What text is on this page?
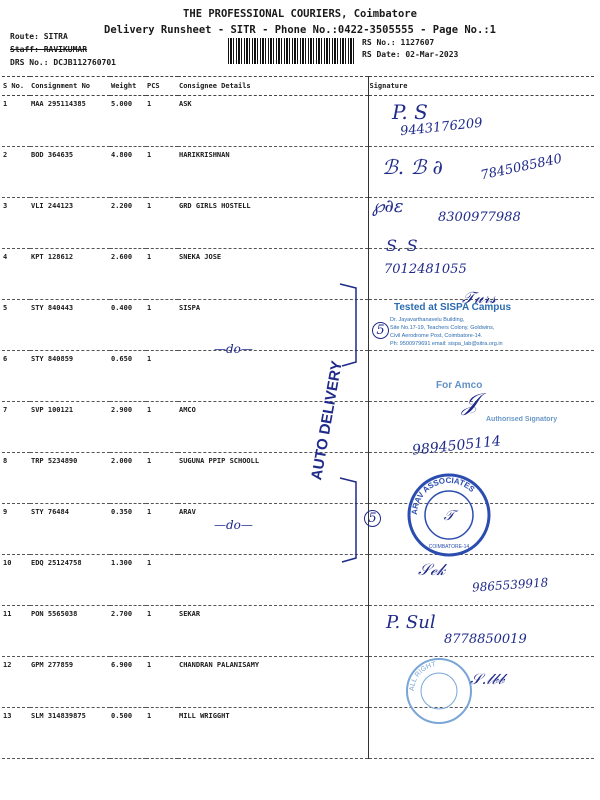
THE PROFESSIONAL COURIERS, Coimbatore
Delivery Runsheet - SITR - Phone No.:0422-3505555 - Page No.:1
Route: SITRA
Staff: RAVIKUMAR
DRS No.: DCJB112760701
RS No.: 1127607
RS Date: 02-Mar-2023
S No.	Consignment No	Weight	PCS	Consignee Details	Signature
1	MAA 295114385	5.000	1	ASK	
2	BOD 364635	4.800	1	HARIKRISHNAN	
3	VLI 244123	2.200	1	GRD GIRLS HOSTELL	
4	KPT 128612	2.600	1	SNEKA JOSE	
5	STY 840443	0.400	1	SISPA	
6	STY 840859	0.650	1		
7	SVP 100121	2.900	1	AMCO	
8	TRP 5234890	2.000	1	SUGUNA PPIP SCHOOLL	
9	STY 76484	0.350	1	ARAV	
10	EDQ 25124758	1.300	1		
11	PON 5565038	2.700	1	SEKAR	
12	GPM 277859	6.900	1	CHANDRAN PALANISAMY	
13	SLM 314839875	0.500	1	MILL WRIGGHT	
P. S
9443176209
ℬ. ℬ ∂	7845085840
℘∂ε
8300977988
S. S
7012481055
𝒯𝓊𝓇𝓈
—do—
—do—
5
5
AUTO DELIVERY
Tested at SISPA Campus
Dr. Jayavarthanavelu Building,
Site No.17-19, Teachers Colony, Goldwins,
Civil Aerodrome Post, Coimbatore-14.
Ph: 9500979691 email: sispa_lab@sitra.org.in
For Amco
Authorised Signatory
𝒥
9894505114
ARAV ASSOCIATES
COIMBATORE-14
𝒯
𝒮ℯ𝓀
9865539918
P. Sul
8778850019
ALL RIGHT
𝒮.𝓁𝒷𝒷
